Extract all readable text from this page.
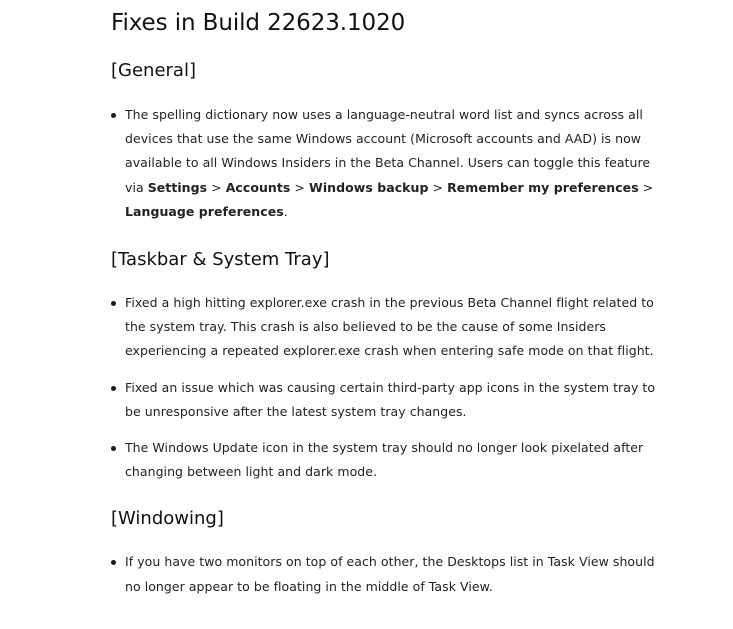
Fixes in Build 22623.1020
[General]
The spelling dictionary now uses a language-neutral word list and syncs across all devices that use the same Windows account (Microsoft accounts and AAD) is now available to all Windows Insiders in the Beta Channel. Users can toggle this feature via Settings > Accounts > Windows backup > Remember my preferences > Language preferences.
[Taskbar & System Tray]
Fixed a high hitting explorer.exe crash in the previous Beta Channel flight related to the system tray. This crash is also believed to be the cause of some Insiders experiencing a repeated explorer.exe crash when entering safe mode on that flight.
Fixed an issue which was causing certain third-party app icons in the system tray to be unresponsive after the latest system tray changes.
The Windows Update icon in the system tray should no longer look pixelated after changing between light and dark mode.
[Windowing]
If you have two monitors on top of each other, the Desktops list in Task View should no longer appear to be floating in the middle of Task View.
